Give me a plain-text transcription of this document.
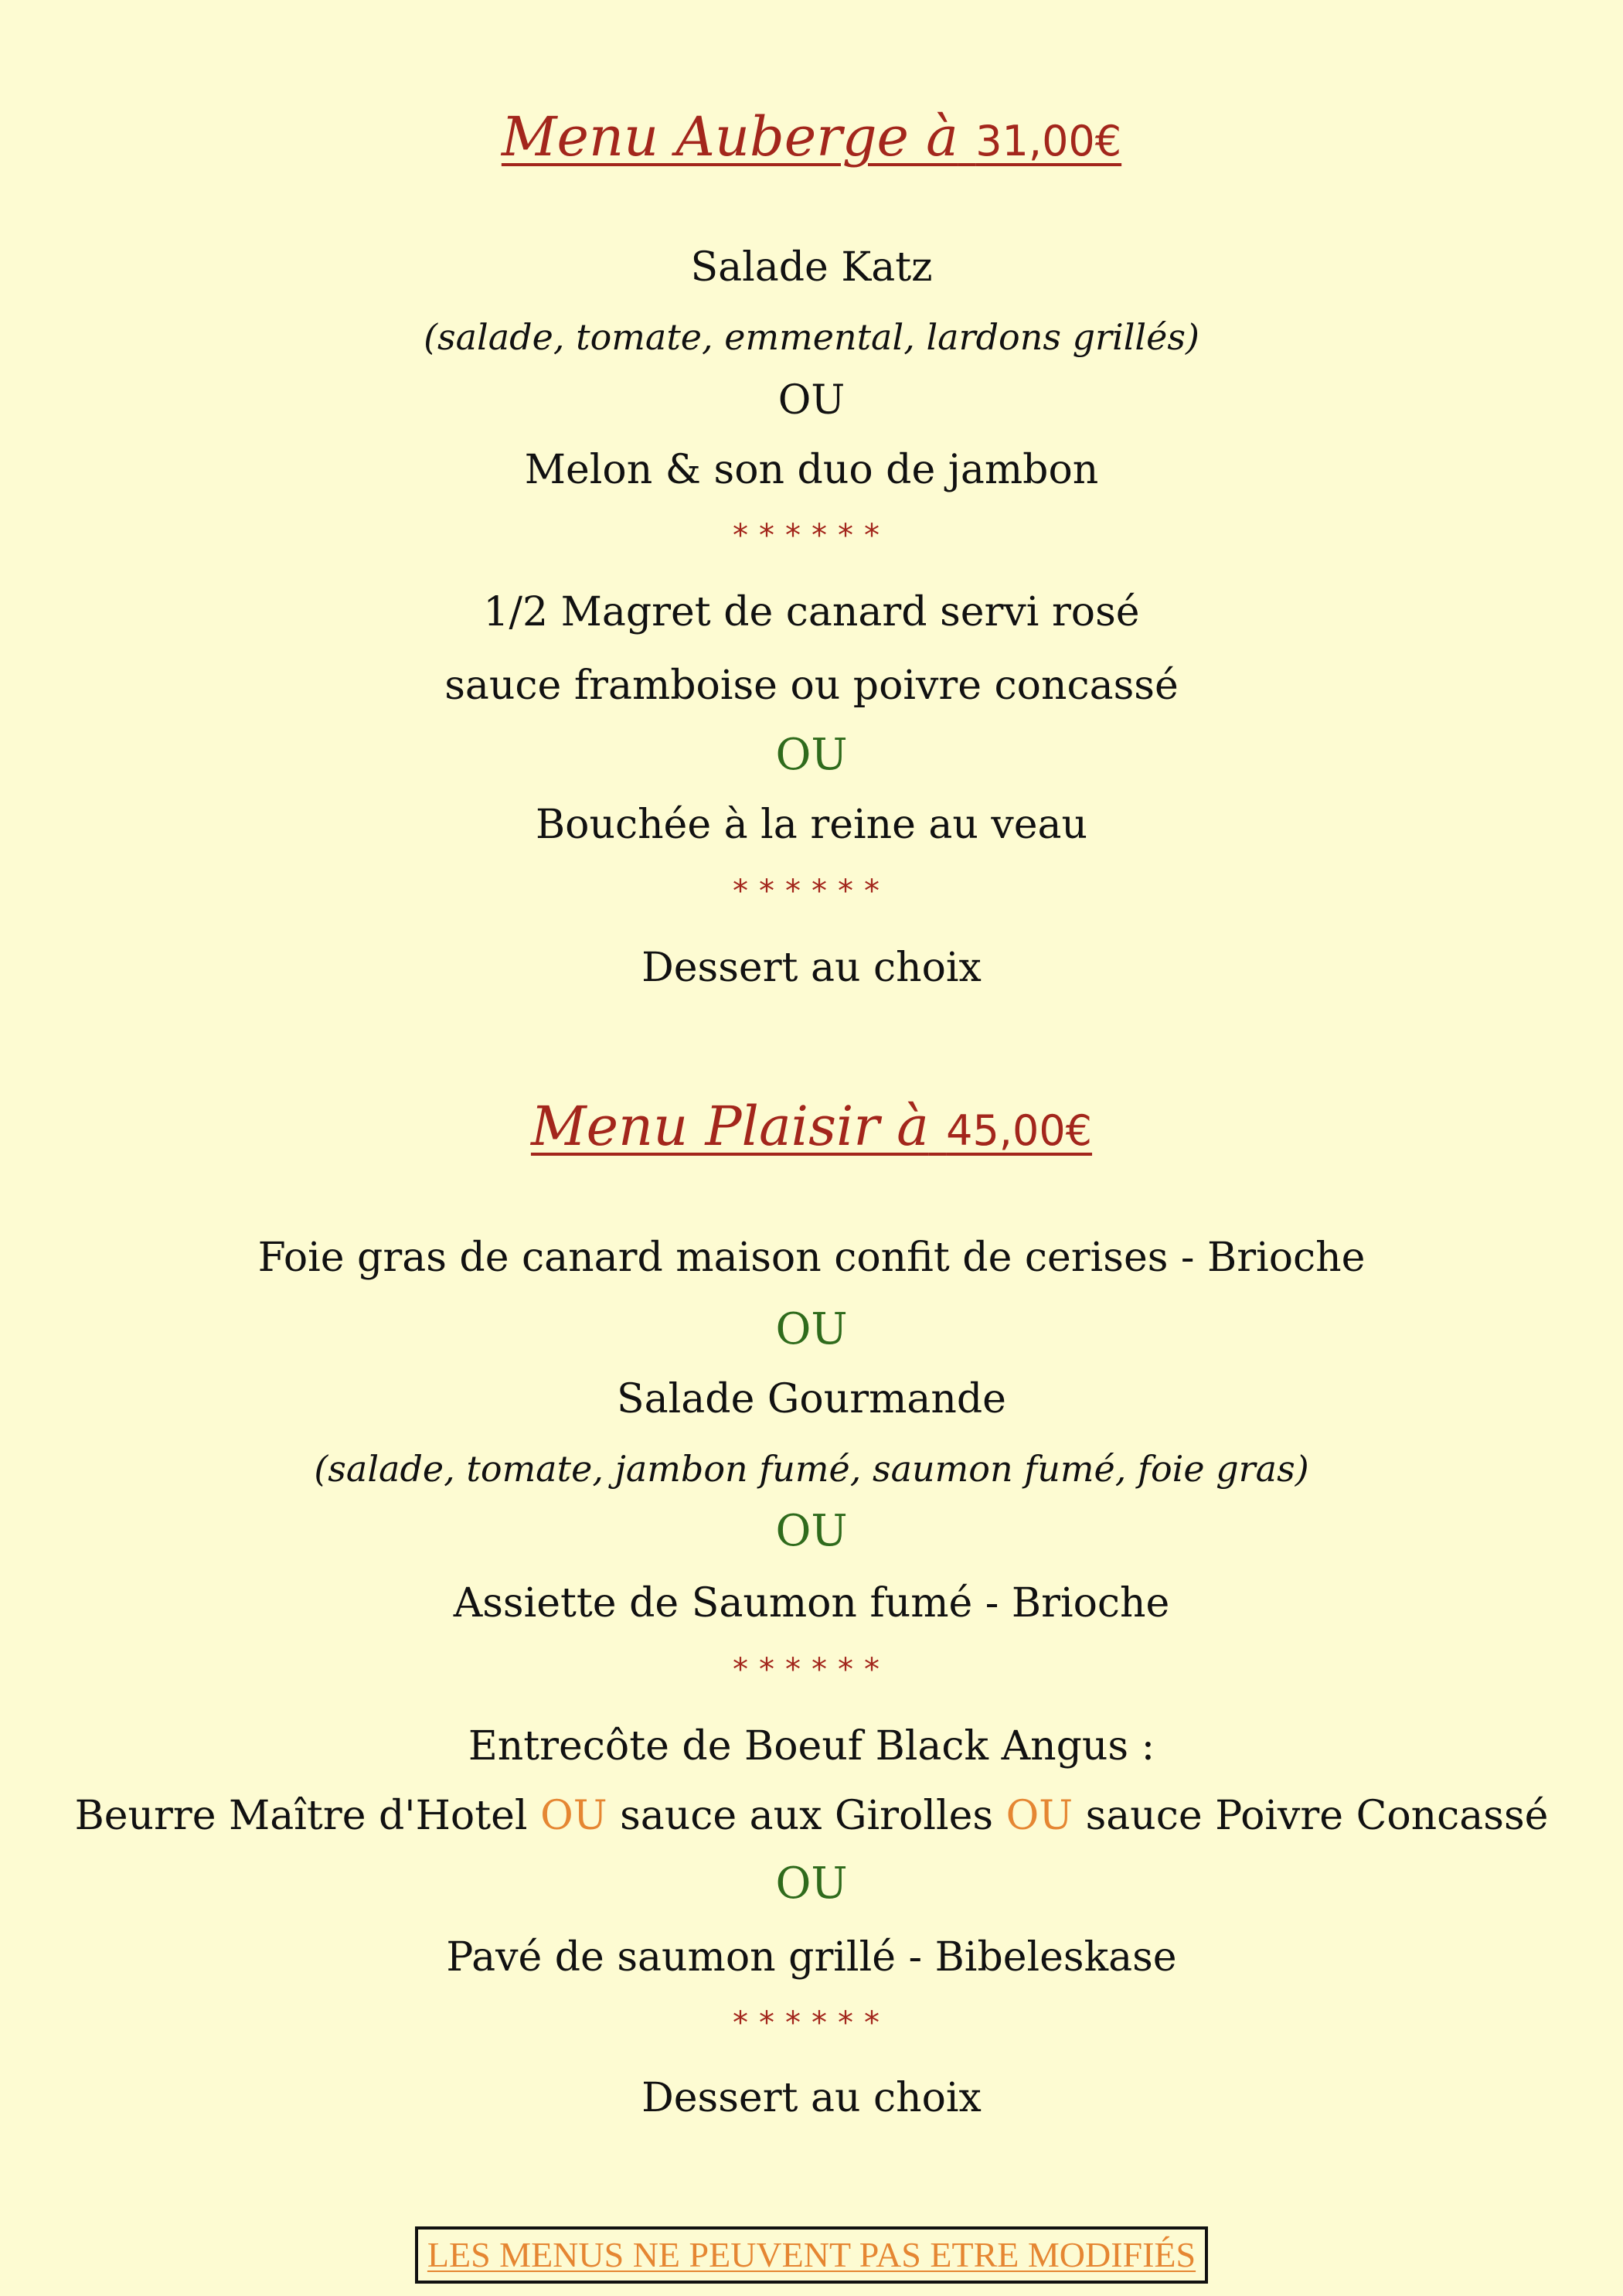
Menu Auberge à 31,00€
Salade Katz
(salade, tomate, emmental, lardons grillés)
OU
Melon & son duo de jambon
******
1/2 Magret de canard servi rosé
sauce framboise ou poivre concassé
OU
Bouchée à la reine au veau
******
Dessert au choix
Menu Plaisir à 45,00€
Foie gras de canard maison confit de cerises - Brioche
OU
Salade Gourmande
(salade, tomate, jambon fumé, saumon fumé, foie gras)
OU
Assiette de Saumon fumé - Brioche
******
Entrecôte de Boeuf Black Angus :
Beurre Maître d'Hotel OU sauce aux Girolles OU sauce Poivre Concassé
OU
Pavé de saumon grillé - Bibeleskase
******
Dessert au choix
LES MENUS NE PEUVENT PAS ETRE MODIFIÉS
